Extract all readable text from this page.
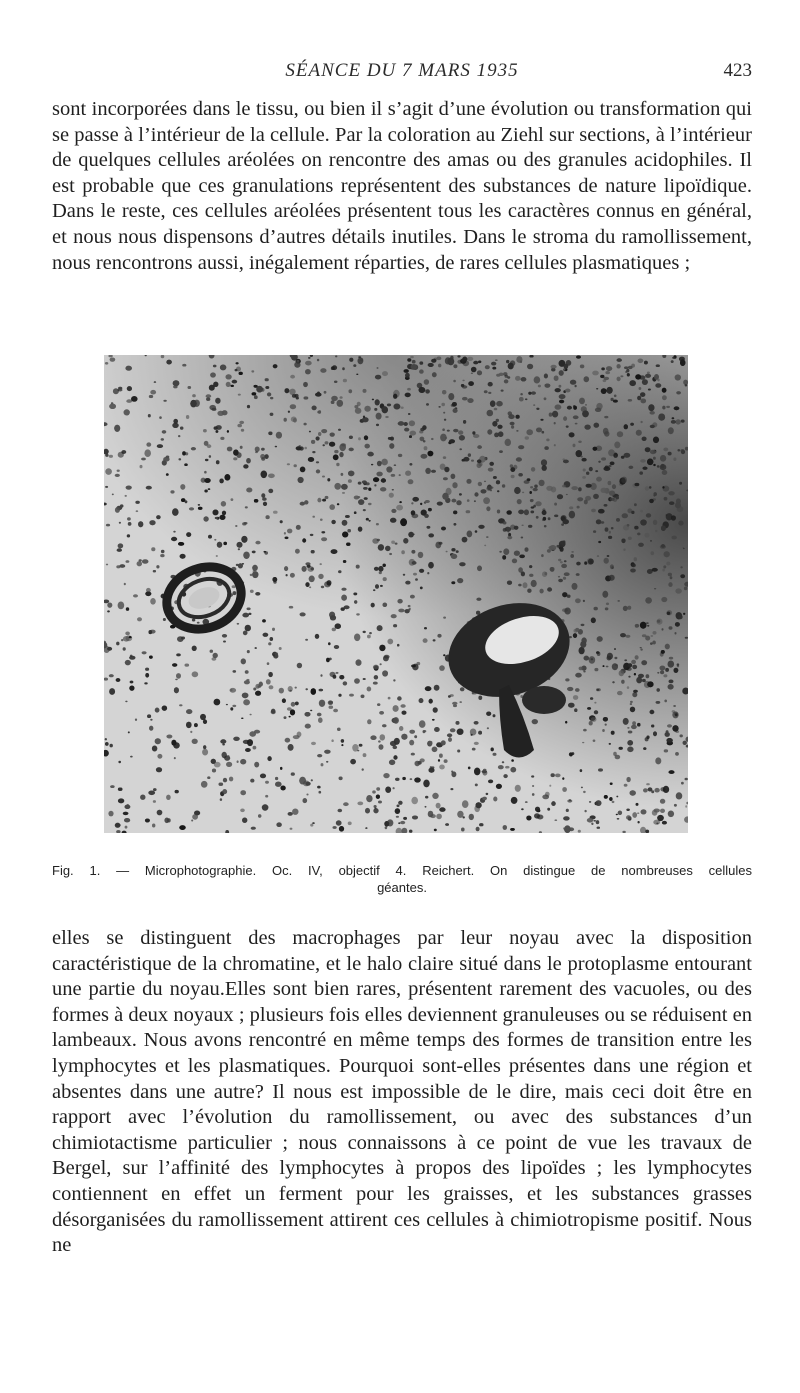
SÉANCE DU 7 MARS 1935	423

sont incorporées dans le tissu, ou bien il s’agit d’une évolution ou transformation qui se passe à l’intérieur de la cellule. Par la coloration au Ziehl sur sections, à l’intérieur de quelques cellules aréolées on rencontre des amas ou des granules acidophiles. Il est probable que ces granulations représentent des substances de nature lipoïdique. Dans le reste, ces cellules aréolées présentent tous les caractères connus en général, et nous nous dispensons d’autres détails inutiles. Dans le stroma du ramollissement, nous rencontrons aussi, inégalement réparties, de rares cellules plasmatiques ;

Fig. 1. — Microphotographie. Oc. IV, objectif 4. Reichert. On distingue de nombreuses cellules
géantes.

elles se distinguent des macrophages par leur noyau avec la disposition caractéristique de la chromatine, et le halo claire situé dans le protoplasme entourant une partie du noyau.Elles sont bien rares, présentent rarement des vacuoles, ou des formes à deux noyaux ; plusieurs fois elles deviennent granuleuses ou se réduisent en lambeaux. Nous avons rencontré en même temps des formes de transition entre les lymphocytes et les plasmatiques. Pourquoi sont-elles présentes dans une région et absentes dans une autre? Il nous est impossible de le dire, mais ceci doit être en rapport avec l’évolution du ramollissement, ou avec des substances d’un chimiotactisme particulier ; nous connaissons à ce point de vue les travaux de Bergel, sur l’affinité des lymphocytes à propos des lipoïdes ; les lymphocytes contiennent en effet un ferment pour les graisses, et les substances grasses désorganisées du ramollissement attirent ces cellules à chimiotropisme positif. Nous ne
